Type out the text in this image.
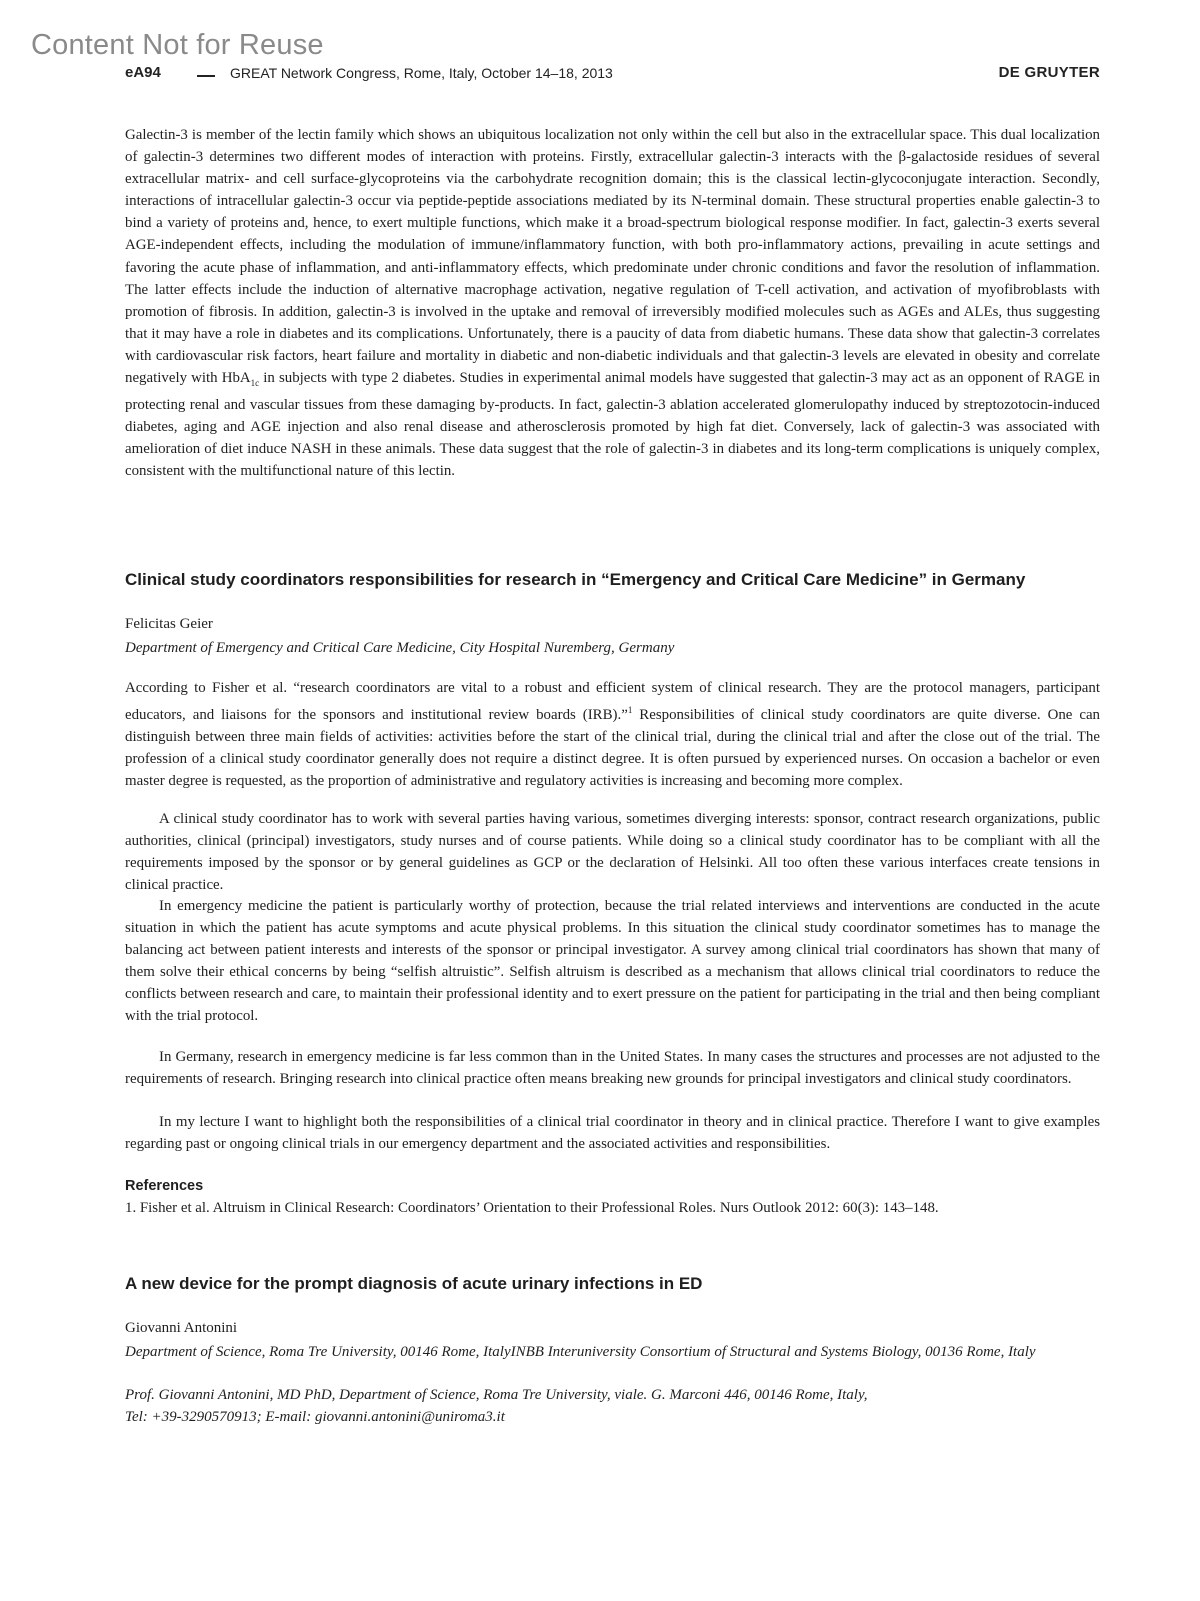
Content Not for Reuse
eA94	GREAT Network Congress, Rome, Italy, October 14–18, 2013	DE GRUYTER

Galectin-3 is member of the lectin family which shows an ubiquitous localization not only within the cell but also in the extracellular space. This dual localization of galectin-3 determines two different modes of interaction with proteins. Firstly, extracellular galectin-3 interacts with the β-galactoside residues of several extracellular matrix- and cell surface-glycoproteins via the carbohydrate recognition domain; this is the classical lectin-glycoconjugate interaction. Secondly, interactions of intracellular galectin-3 occur via peptide-peptide associations mediated by its N-terminal domain. These structural properties enable galectin-3 to bind a variety of proteins and, hence, to exert multiple functions, which make it a broad-spectrum biological response modifier. In fact, galectin-3 exerts several AGE-independent effects, including the modulation of immune/inflammatory function, with both pro-inflammatory actions, prevailing in acute settings and favoring the acute phase of inflammation, and anti-inflammatory effects, which predominate under chronic conditions and favor the resolution of inflammation. The latter effects include the induction of alternative macrophage activation, negative regulation of T-cell activation, and activation of myofibroblasts with promotion of fibrosis. In addition, galectin-3 is involved in the uptake and removal of irreversibly modified molecules such as AGEs and ALEs, thus suggesting that it may have a role in diabetes and its complications. Unfortunately, there is a paucity of data from diabetic humans. These data show that galectin-3 correlates with cardiovascular risk factors, heart failure and mortality in diabetic and non-diabetic individuals and that galectin-3 levels are elevated in obesity and correlate negatively with HbA$_{1c}$ in subjects with type 2 diabetes. Studies in experimental animal models have suggested that galectin-3 may act as an opponent of RAGE in protecting renal and vascular tissues from these damaging by-products. In fact, galectin-3 ablation accelerated glomerulopathy induced by streptozotocin-induced diabetes, aging and AGE injection and also renal disease and atherosclerosis promoted by high fat diet. Conversely, lack of galectin-3 was associated with amelioration of diet induce NASH in these animals. These data suggest that the role of galectin-3 in diabetes and its long-term complications is uniquely complex, consistent with the multifunctional nature of this lectin.

Clinical study coordinators responsibilities for research in “Emergency and Critical Care Medicine” in Germany
Felicitas Geier
Department of Emergency and Critical Care Medicine, City Hospital Nuremberg, Germany

According to Fisher et al. “research coordinators are vital to a robust and efficient system of clinical research. They are the protocol managers, participant educators, and liaisons for the sponsors and institutional review boards (IRB).”$^1$ Responsibilities of clinical study coordinators are quite diverse. One can distinguish between three main fields of activities: activities before the start of the clinical trial, during the clinical trial and after the close out of the trial. The profession of a clinical study coordinator generally does not require a distinct degree. It is often pursued by experienced nurses. On occasion a bachelor or even master degree is requested, as the proportion of administrative and regulatory activities is increasing and becoming more complex.

A clinical study coordinator has to work with several parties having various, sometimes diverging interests: sponsor, contract research organizations, public authorities, clinical (principal) investigators, study nurses and of course patients. While doing so a clinical study coordinator has to be compliant with all the requirements imposed by the sponsor or by general guidelines as GCP or the declaration of Helsinki. All too often these various interfaces create tensions in clinical practice.

In emergency medicine the patient is particularly worthy of protection, because the trial related interviews and interventions are conducted in the acute situation in which the patient has acute symptoms and acute physical problems. In this situation the clinical study coordinator sometimes has to manage the balancing act between patient interests and interests of the sponsor or principal investigator. A survey among clinical trial coordinators has shown that many of them solve their ethical concerns by being “selfish altruistic”. Selfish altruism is described as a mechanism that allows clinical trial coordinators to reduce the conflicts between research and care, to maintain their professional identity and to exert pressure on the patient for participating in the trial and then being compliant with the trial protocol.

In Germany, research in emergency medicine is far less common than in the United States. In many cases the structures and processes are not adjusted to the requirements of research. Bringing research into clinical practice often means breaking new grounds for principal investigators and clinical study coordinators.

In my lecture I want to highlight both the responsibilities of a clinical trial coordinator in theory and in clinical practice. Therefore I want to give examples regarding past or ongoing clinical trials in our emergency department and the associated activities and responsibilities.

References
1. Fisher et al. Altruism in Clinical Research: Coordinators’ Orientation to their Professional Roles. Nurs Outlook 2012: 60(3): 143–148.
A new device for the prompt diagnosis of acute urinary infections in ED
Giovanni Antonini
Department of Science, Roma Tre University, 00146 Rome, ItalyINBB Interuniversity Consortium of Structural and Systems Biology, 00136 Rome, Italy
Prof. Giovanni Antonini, MD PhD, Department of Science, Roma Tre University, viale. G. Marconi 446, 00146 Rome, Italy,
Tel: +39-3290570913; E-mail: giovanni.antonini@uniroma3.it
